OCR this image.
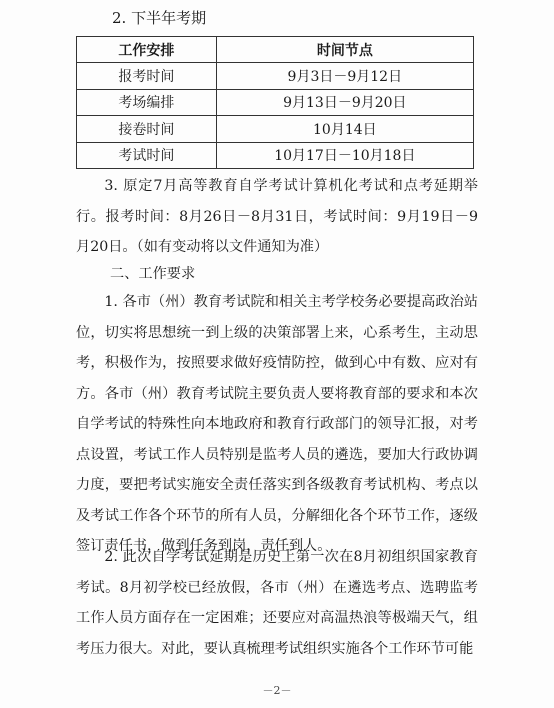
2. 下半年考期
工作安排	时间节点
报考时间	9月3日－9月12日
考场编排	9月13日－9月20日
接卷时间	10月14日
考试时间	10月17日－10月18日

3. 原定7月高等教育自学考试计算机化考试和点考延期举行。报考时间：8月26日－8月31日，考试时间：9月19日－9月20日。（如有变动将以文件通知为准）

二、工作要求

1. 各市（州）教育考试院和相关主考学校务必要提高政治站位，切实将思想统一到上级的决策部署上来，心系考生，主动思考，积极作为，按照要求做好疫情防控，做到心中有数、应对有方。各市（州）教育考试院主要负责人要将教育部的要求和本次自学考试的特殊性向本地政府和教育行政部门的领导汇报，对考点设置，考试工作人员特别是监考人员的遴选，要加大行政协调力度，要把考试实施安全责任落实到各级教育考试机构、考点以及考试工作各个环节的所有人员，分解细化各个环节工作，逐级签订责任书，做到任务到岗，责任到人。

2. 此次自学考试延期是历史上第一次在8月初组织国家教育考试。8月初学校已经放假，各市（州）在遴选考点、选聘监考工作人员方面存在一定困难；还要应对高温热浪等极端天气，组考压力很大。对此，要认真梳理考试组织实施各个工作环节可能

－2－
